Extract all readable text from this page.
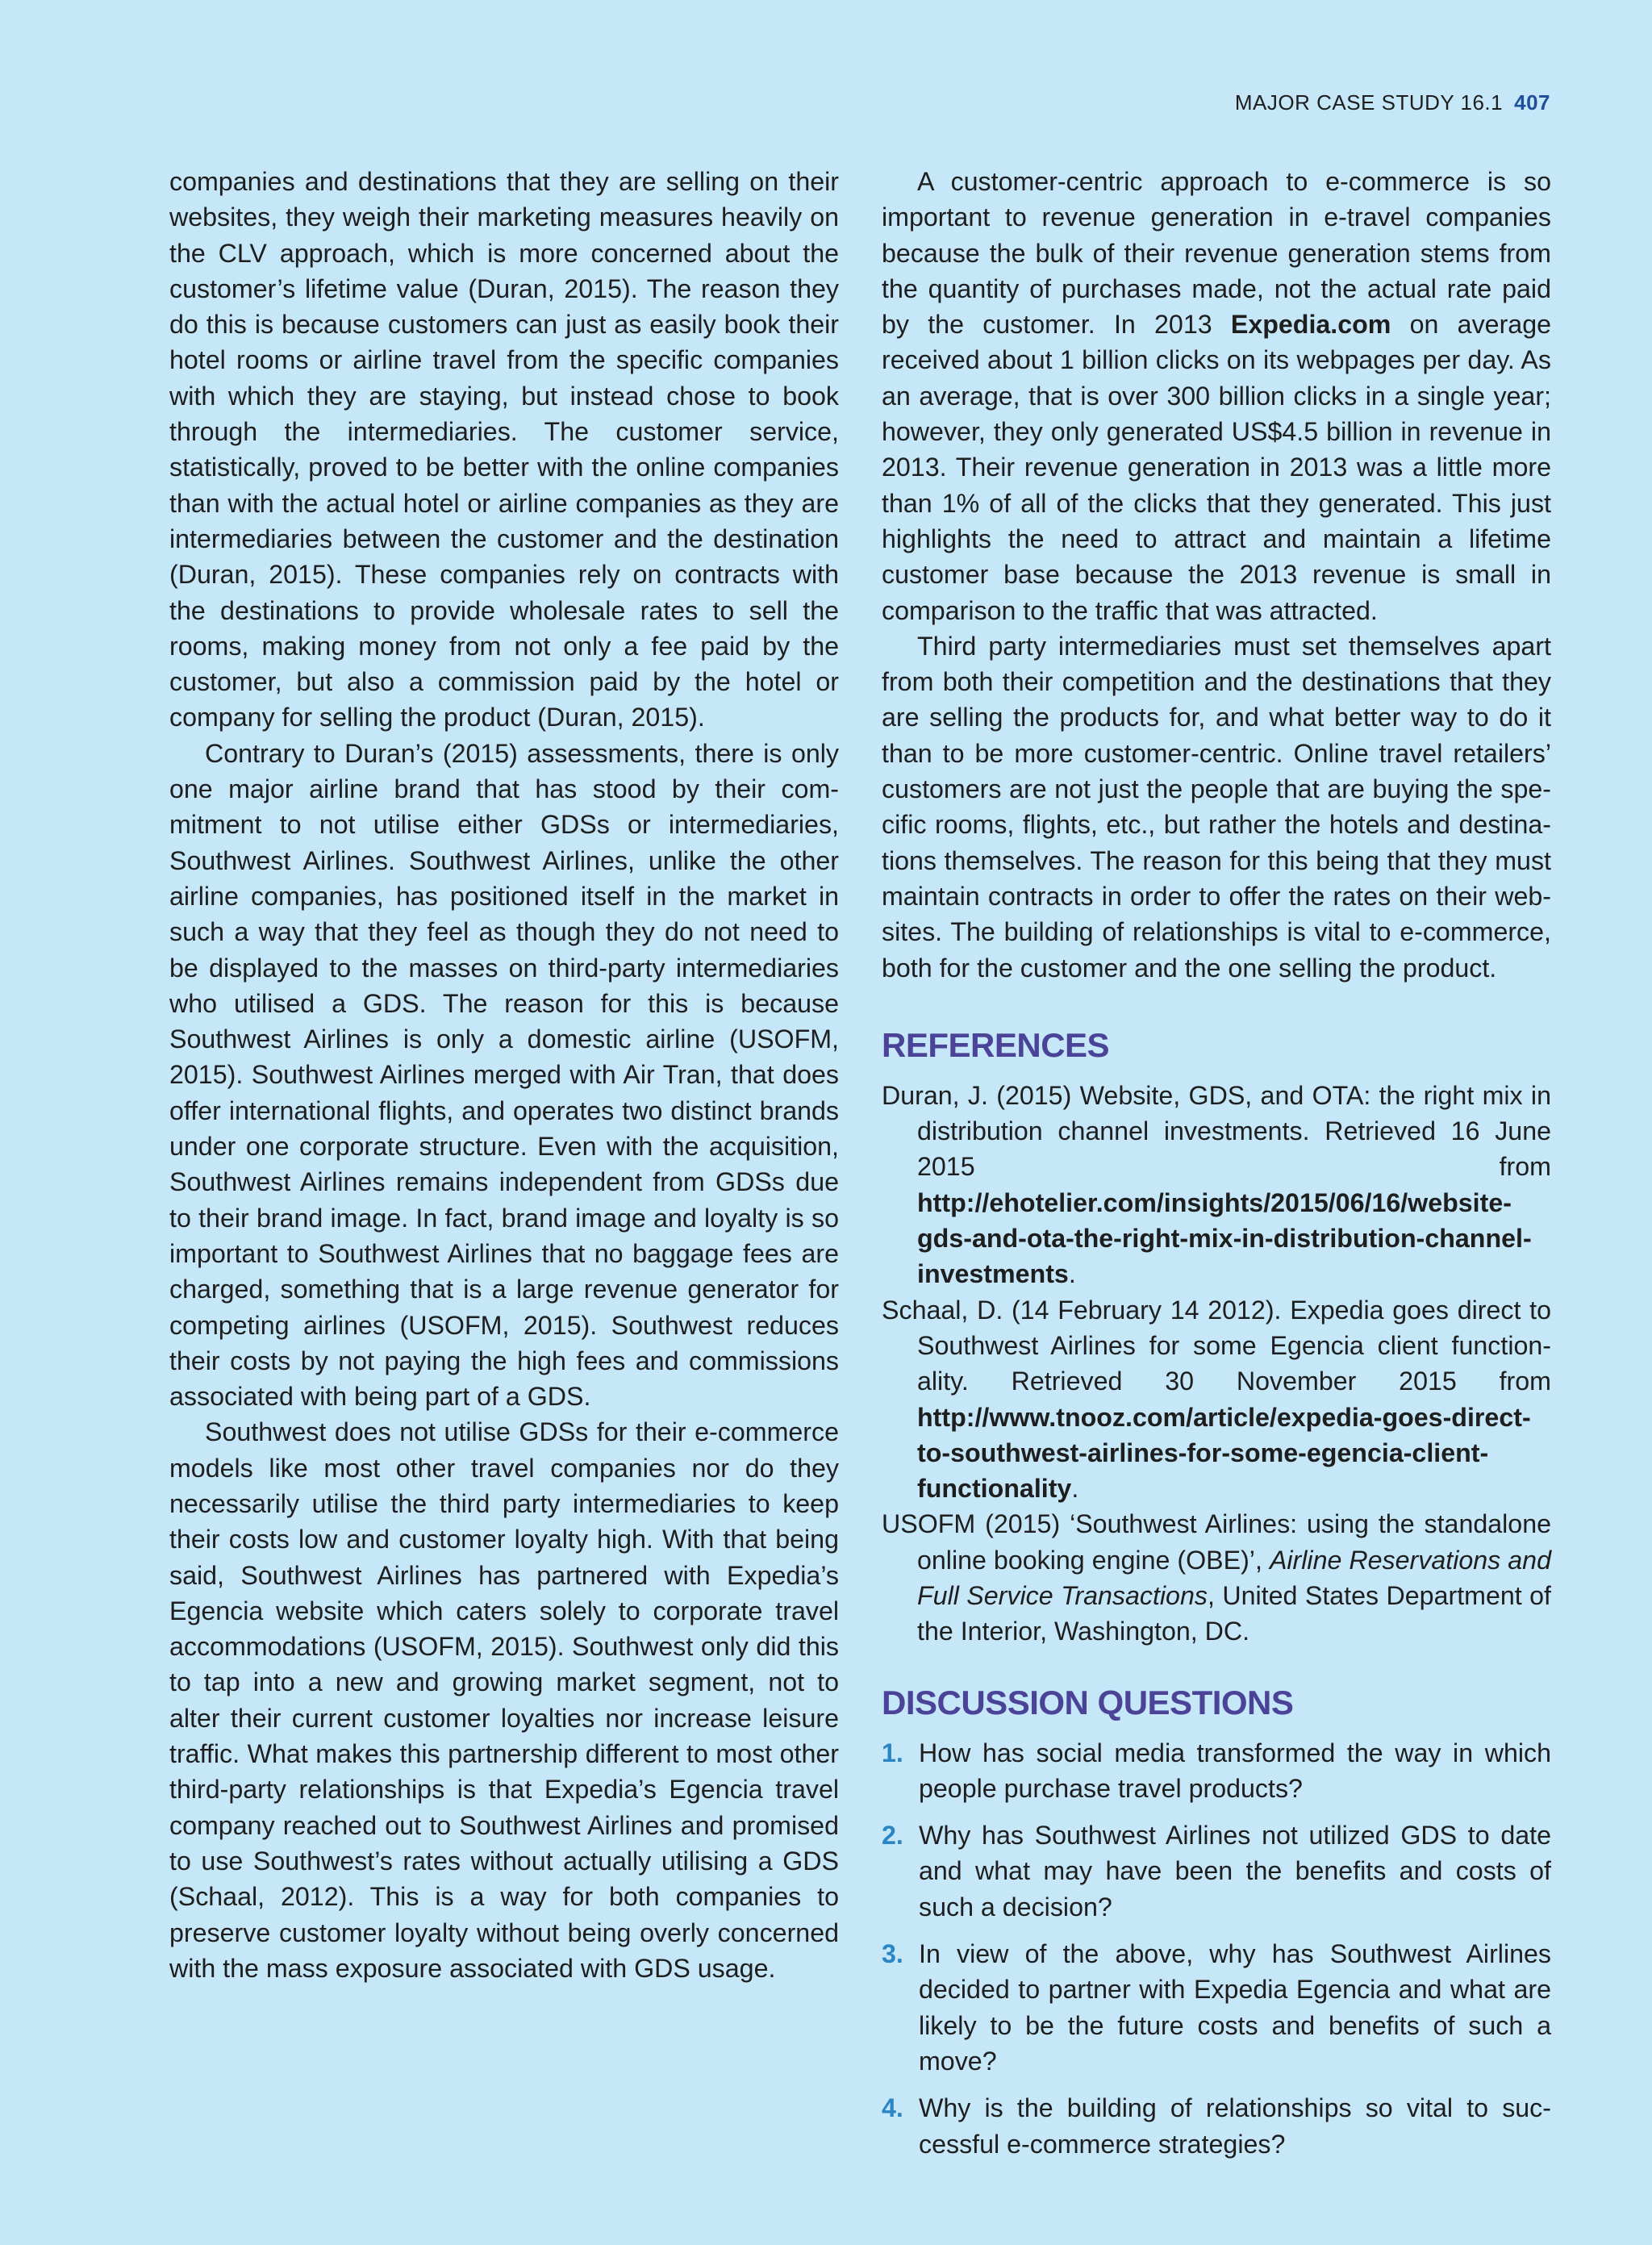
MAJOR CASE STUDY 16.1 407

companies and destinations that they are selling on their websites, they weigh their marketing measures heavily on the CLV approach, which is more concerned about the customer’s lifetime value (Duran, 2015). The reason they do this is because customers can just as easily book their hotel rooms or airline travel from the specific companies with which they are staying, but instead chose to book through the intermediaries. The customer service, statistically, proved to be better with the online companies than with the actual hotel or airline companies as they are intermediaries between the customer and the destination (Duran, 2015). These companies rely on contracts with the destinations to provide wholesale rates to sell the rooms, making money from not only a fee paid by the customer, but also a commission paid by the hotel or company for selling the product (Duran, 2015).

Contrary to Duran’s (2015) assessments, there is only one major airline brand that has stood by their commitment to not utilise either GDSs or intermediaries, Southwest Airlines. Southwest Airlines, unlike the other airline companies, has positioned itself in the market in such a way that they feel as though they do not need to be displayed to the masses on third-party intermediaries who utilised a GDS. The reason for this is because Southwest Airlines is only a domestic airline (USOFM, 2015). Southwest Airlines merged with Air Tran, that does offer international flights, and operates two distinct brands under one corporate structure. Even with the acquisition, Southwest Airlines remains independent from GDSs due to their brand image. In fact, brand image and loyalty is so important to Southwest Airlines that no baggage fees are charged, something that is a large revenue generator for competing airlines (USOFM, 2015). Southwest reduces their costs by not paying the high fees and commissions associated with being part of a GDS.

Southwest does not utilise GDSs for their e-commerce models like most other travel companies nor do they necessarily utilise the third party intermediaries to keep their costs low and customer loyalty high. With that being said, Southwest Airlines has partnered with Expedia’s Egencia website which caters solely to corporate travel accommodations (USOFM, 2015). Southwest only did this to tap into a new and growing market segment, not to alter their current customer loyalties nor increase leisure traffic. What makes this partnership different to most other third-party relationships is that Expedia’s Egencia travel company reached out to Southwest Airlines and promised to use Southwest’s rates without actually utilising a GDS (Schaal, 2012). This is a way for both companies to preserve customer loyalty without being overly concerned with the mass exposure associated with GDS usage.

A customer-centric approach to e-commerce is so important to revenue generation in e-travel companies because the bulk of their revenue generation stems from the quantity of purchases made, not the actual rate paid by the customer. In 2013 Expedia.com on average received about 1 billion clicks on its webpages per day. As an average, that is over 300 billion clicks in a single year; however, they only generated US$4.5 billion in revenue in 2013. Their revenue generation in 2013 was a little more than 1% of all of the clicks that they generated. This just highlights the need to attract and maintain a lifetime customer base because the 2013 revenue is small in comparison to the traffic that was attracted.

Third party intermediaries must set themselves apart from both their competition and the destinations that they are selling the products for, and what better way to do it than to be more customer-centric. Online travel retailers’ customers are not just the people that are buying the specific rooms, flights, etc., but rather the hotels and destinations themselves. The reason for this being that they must maintain contracts in order to offer the rates on their websites. The building of relationships is vital to e-commerce, both for the customer and the one selling the product.

REFERENCES
Duran, J. (2015) Website, GDS, and OTA: the right mix in distribution channel investments. Retrieved 16 June 2015 from http://ehotelier.com/insights/2015/06/16/website-gds-and-ota-the-right-mix-in-distribution-channel-investments.
Schaal, D. (14 February 14 2012). Expedia goes direct to Southwest Airlines for some Egencia client functionality. Retrieved 30 November 2015 from http://www.tnooz.com/article/expedia-goes-direct-to-southwest-airlines-for-some-egencia-client-functionality.
USOFM (2015) ‘Southwest Airlines: using the standalone online booking engine (OBE)’, Airline Reservations and Full Service Transactions, United States Department of the Interior, Washington, DC.
DISCUSSION QUESTIONS
1. How has social media transformed the way in which people purchase travel products?
2. Why has Southwest Airlines not utilized GDS to date and what may have been the benefits and costs of such a decision?
3. In view of the above, why has Southwest Airlines decided to partner with Expedia Egencia and what are likely to be the future costs and benefits of such a move?
4. Why is the building of relationships so vital to successful e-commerce strategies?
